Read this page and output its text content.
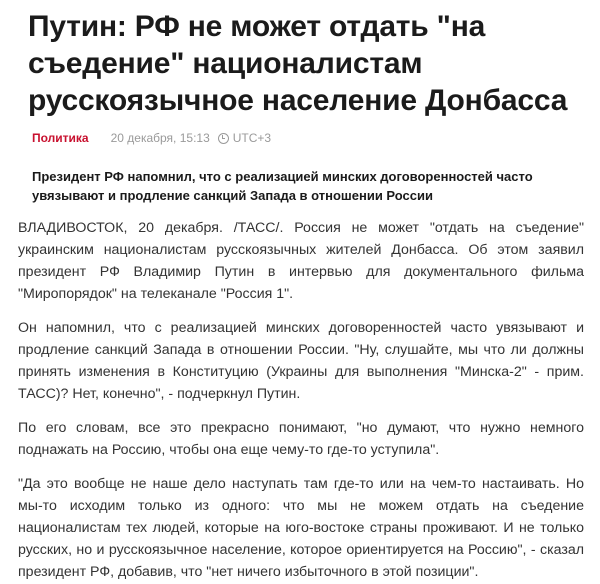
Путин: РФ не может отдать "на съедение" националистам русскоязычное население Донбасса
Политика 20 декабря, 15:13 UTC+3
Президент РФ напомнил, что с реализацией минских договоренностей часто увязывают и продление санкций Запада в отношении России

ВЛАДИВОСТОК, 20 декабря. /ТАСС/. Россия не может "отдать на съедение" украинским националистам русскоязычных жителей Донбасса. Об этом заявил президент РФ Владимир Путин в интервью для документального фильма "Миропорядок" на телеканале "Россия 1".

Он напомнил, что с реализацией минских договоренностей часто увязывают и продление санкций Запада в отношении России. "Ну, слушайте, мы что ли должны принять изменения в Конституцию (Украины для выполнения "Минска-2" - прим. ТАСС)? Нет, конечно", - подчеркнул Путин.

По его словам, все это прекрасно понимают, "но думают, что нужно немного поднажать на Россию, чтобы она еще чему-то где-то уступила".

"Да это вообще не наше дело наступать там где-то или на чем-то настаивать. Но мы-то исходим только из одного: что мы не можем отдать на съедение националистам тех людей, которые на юго-востоке страны проживают. И не только русских, но и русскоязычное население, которое ориентируется на Россию", - сказал президент РФ, добавив, что "нет ничего избыточного в этой позиции".
